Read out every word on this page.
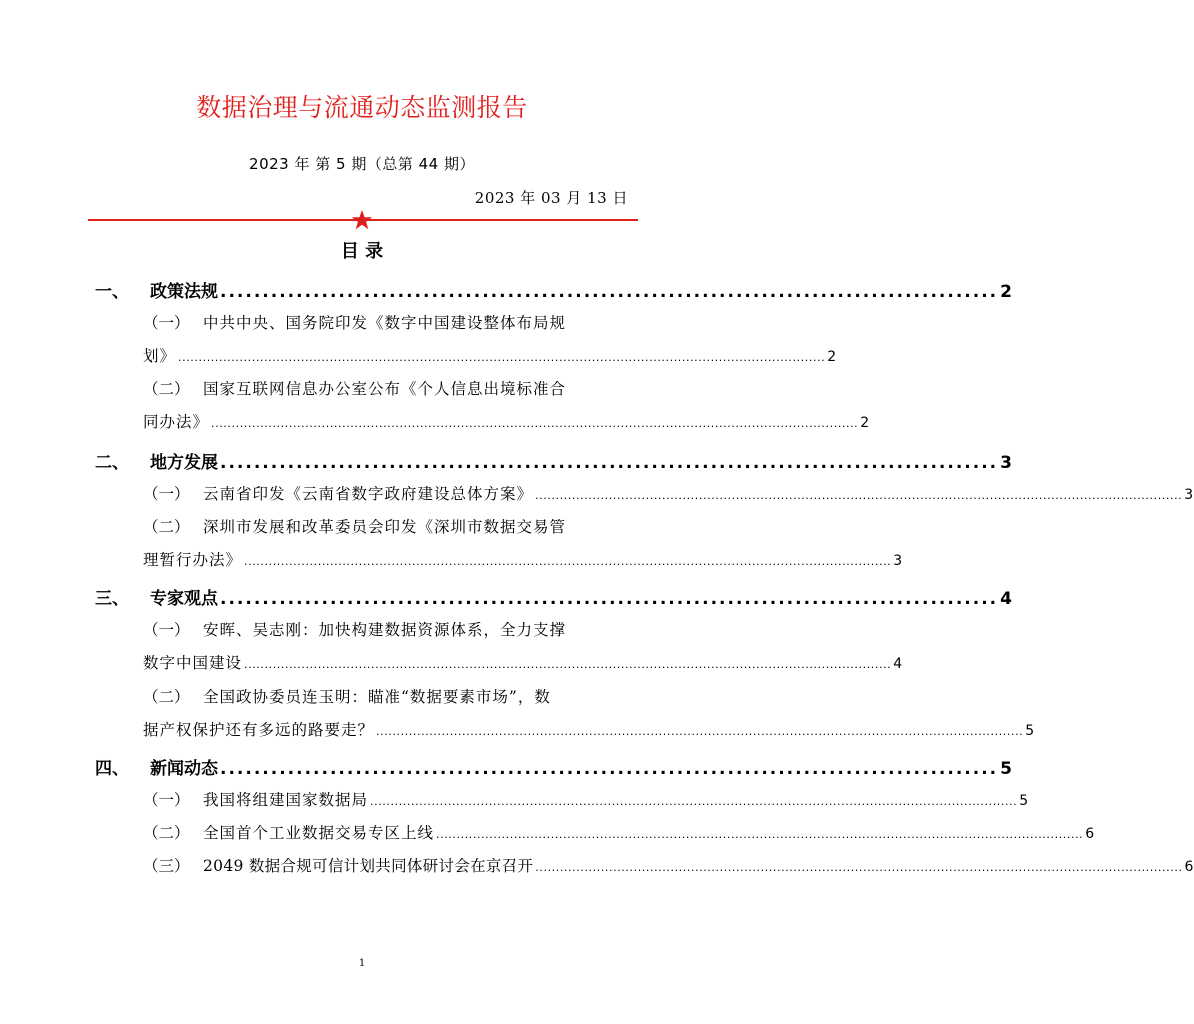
数据治理与流通动态监测报告
2023 年 第 5 期（总第 44 期）
2023 年 03 月 13 日
目 录
一、	政策法规 ............................................................................................ 2
（一） 中共中央、国务院印发《数字中国建设整体布局规
划》 .............................................................................................................................................................. 2
（二） 国家互联网信息办公室公布《个人信息出境标准合
同办法》 .............................................................................................................................................................. 2
二、	地方发展 ............................................................................................ 3
（一） 云南省印发《云南省数字政府建设总体方案》 .............................................................................................................................................................. 3
（二） 深圳市发展和改革委员会印发《深圳市数据交易管
理暂行办法》 .............................................................................................................................................................. 3
三、	专家观点 ............................................................................................ 4
（一） 安晖、吴志刚：加快构建数据资源体系，全力支撑
数字中国建设 .............................................................................................................................................................. 4
（二） 全国政协委员连玉明：瞄准“数据要素市场”，数
据产权保护还有多远的路要走？ .............................................................................................................................................................. 5
四、	新闻动态 ............................................................................................ 5
（一） 我国将组建国家数据局 .............................................................................................................................................................. 5
（二） 全国首个工业数据交易专区上线 .............................................................................................................................................................. 6
（三） 2049 数据合规可信计划共同体研讨会在京召开 .............................................................................................................................................................. 6
1
